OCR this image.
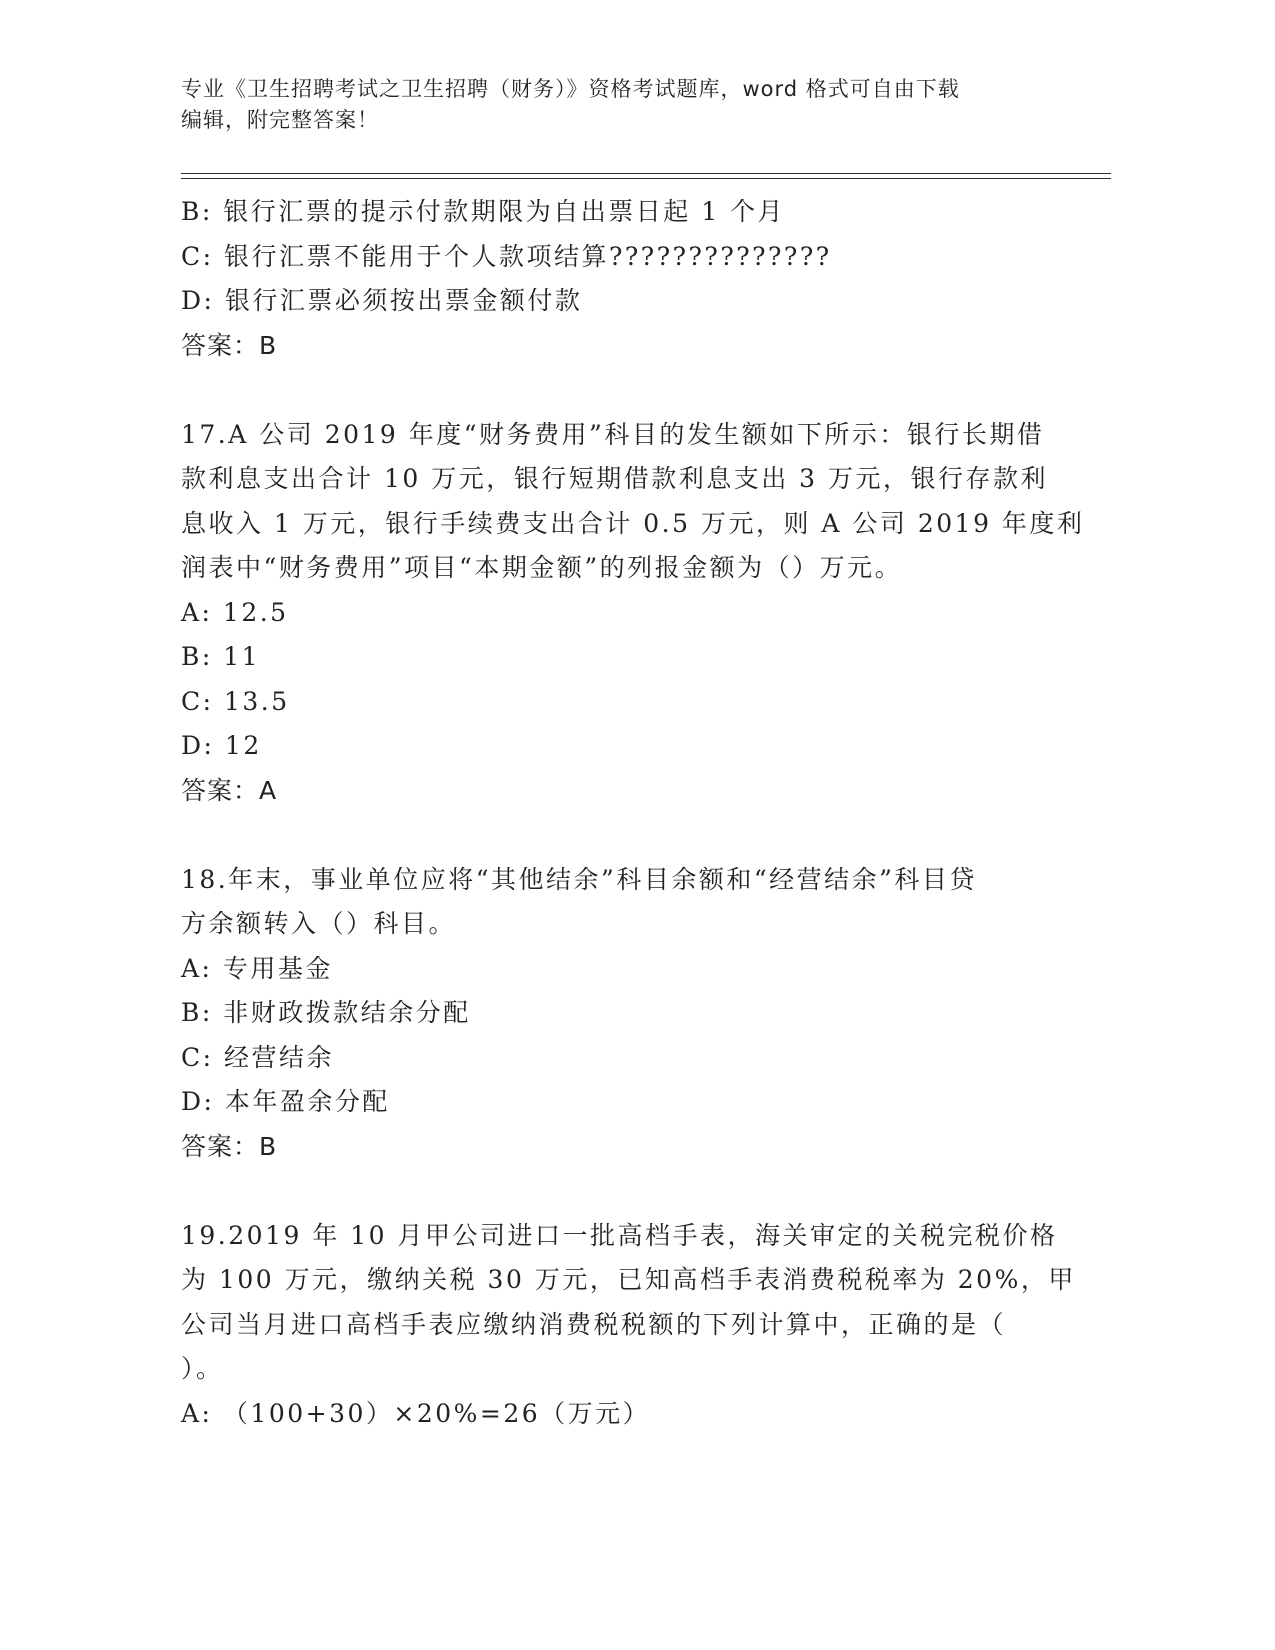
专业《卫生招聘考试之卫生招聘（财务）》资格考试题库，word 格式可自由下载
编辑，附完整答案！
B: 银行汇票的提示付款期限为自出票日起 1 个月
C: 银行汇票不能用于个人款项结算??????????????
D: 银行汇票必须按出票金额付款
答案：B
17.A 公司 2019 年度“财务费用”科目的发生额如下所示：银行长期借
款利息支出合计 10 万元，银行短期借款利息支出 3 万元，银行存款利
息收入 1 万元，银行手续费支出合计 0.5 万元，则 A 公司 2019 年度利
润表中“财务费用”项目“本期金额”的列报金额为（）万元。
A: 12.5
B: 11
C: 13.5
D: 12
答案：A
18.年末，事业单位应将“其他结余”科目余额和“经营结余”科目贷
方余额转入（）科目。
A: 专用基金
B: 非财政拨款结余分配
C: 经营结余
D: 本年盈余分配
答案：B
19.2019 年 10 月甲公司进口一批高档手表，海关审定的关税完税价格
为 100 万元，缴纳关税 30 万元，已知高档手表消费税税率为 20%，甲
公司当月进口高档手表应缴纳消费税税额的下列计算中，正确的是（
）。
A: （100+30）×20%=26（万元）
